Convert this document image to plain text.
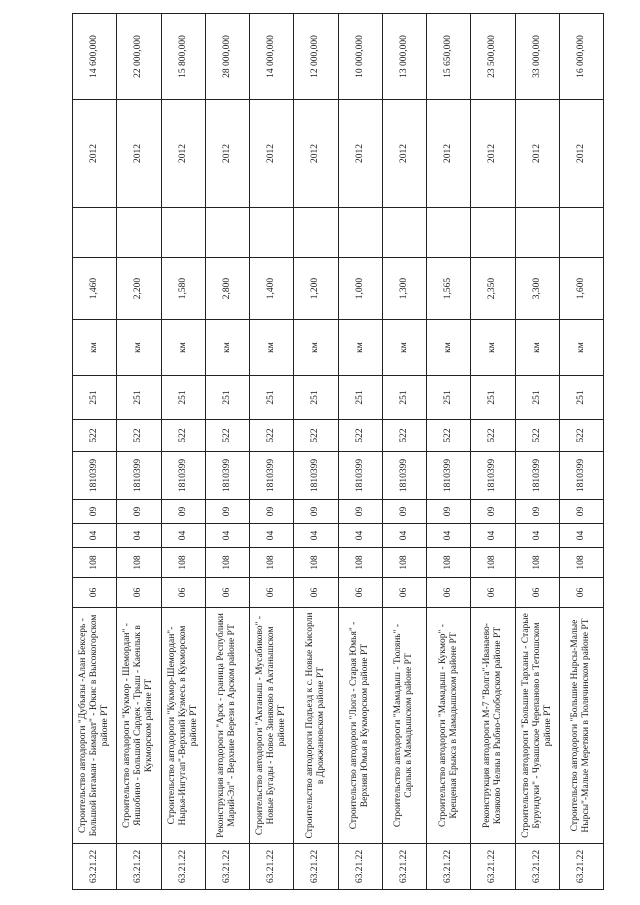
63.21.22	Строительство автодороги "Дубъязы -Алан Бексерь - Большой Битаман - Бимарат" - Юкис в Высокогорском районе РТ	06	108	04	09	1810399	522	251	км	1,460		2012	14 600,000
63.21.22	Строительство автодороги "Кукмор - Шемордан" - Яншобино - Большой Сардек - Трыш - Каенлык в Кукморском районе РТ	06	108	04	09	1810399	522	251	км	2,200		2012	22 000,000
63.21.22	Строительство автодороги "Кукмор-Шемордан"-Нырья-Ингугап"-Верхний Кузмесь в Кукморском районе РТ	06	108	04	09	1810399	522	251	км	1,580		2012	15 800,000
63.21.22	Реконструкция автодороги "Арск - граница Республики Марий-Эл" - Верхние Верези в Арском районе РТ	06	108	04	09	1810399	522	251	км	2,800		2012	28 000,000
63.21.22	Строительство автодороги "Актаныш - Мусабиково" - Новые Бугады - Новое Зиняково в Актанышском районе РТ	06	108	04	09	1810399	522	251	км	1,400		2012	14 000,000
63.21.22	Строительство автодороги Подъезд к с. Новые Кисорли в Дрожжановском районе РТ	06	108	04	09	1810399	522	251	км	1,200		2012	12 000,000
63.21.22	Строительство автодороги "Люга - Старая Юмья" - Верхняя Юмья в Кукморском районе РТ	06	108	04	09	1810399	522	251	км	1,000		2012	10 000,000
63.21.22	Строительство автодороги "Мамадыш - Тюлянь" - Сарлык в Мамадышском районе РТ	06	108	04	09	1810399	522	251	км	1,300		2012	13 000,000
63.21.22	Строительство автодороги "Мамадыш - Кукмор" - Крещеная Ерыкса в Мамадышском районе РТ	06	108	04	09	1810399	522	251	км	1,565		2012	15 650,000
63.21.22	Реконструкция автодороги М-7 "Волга"-Иванаево-Козяково Челны в Рыбно-Слободском районе РТ	06	108	04	09	1810399	522	251	км	2,350		2012	23 500,000
63.21.22	Строительство автодороги "Большие Тарханы - Старые Бурундуки" - Чувашское Черепаново в Тетюшском районе РТ	06	108	04	09	1810399	522	251	км	3,300		2012	33 000,000
63.21.22	Строительство автодороги "Большие Нырсы-Малые Нырсы"-Малые Меретяки в Тюлячинском районе РТ	06	108	04	09	1810399	522	251	км	1,600		2012	16 000,000
